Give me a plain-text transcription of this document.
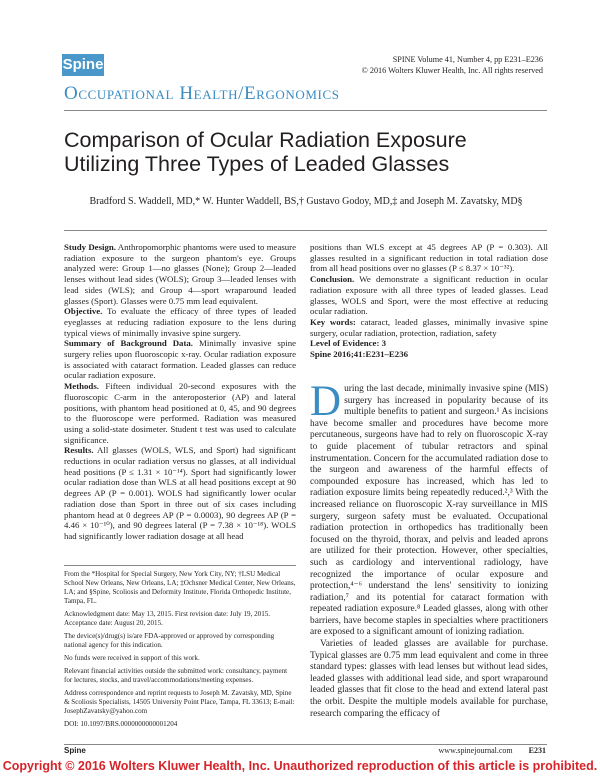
Spine	SPINE Volume 41, Number 4, pp E231–E236
© 2016 Wolters Kluwer Health, Inc. All rights reserved
Occupational Health/Ergonomics
Comparison of Ocular Radiation Exposure Utilizing Three Types of Leaded Glasses
Bradford S. Waddell, MD,* W. Hunter Waddell, BS,† Gustavo Godoy, MD,‡ and Joseph M. Zavatsky, MD§
Study Design. Anthropomorphic phantoms were used to measure radiation exposure to the surgeon phantom's eye. Groups analyzed were: Group 1—no glasses (None); Group 2—leaded lenses without lead sides (WOLS); Group 3—leaded lenses with lead sides (WLS); and Group 4—sport wraparound leaded glasses (Sport). Glasses were 0.75 mm lead equivalent.
Objective. To evaluate the efficacy of three types of leaded eyeglasses at reducing radiation exposure to the lens during typical views of minimally invasive spine surgery.
Summary of Background Data. Minimally invasive spine surgery relies upon fluoroscopic x-ray. Ocular radiation exposure is associated with cataract formation. Leaded glasses can reduce ocular radiation exposure.
Methods. Fifteen individual 20-second exposures with the fluoroscopic C-arm in the anteroposterior (AP) and lateral positions, with phantom head positioned at 0, 45, and 90 degrees to the fluoroscope were performed. Radiation was measured using a solid-state dosimeter. Student t test was used to calculate significance.
Results. All glasses (WOLS, WLS, and Sport) had significant reductions in ocular radiation versus no glasses, at all individual head positions (P ≤ 1.31 × 10⁻¹⁴). Sport had significantly lower ocular radiation dose than WLS at all head positions except at 90 degrees AP (P = 0.001). WOLS had significantly lower ocular radiation dose than Sport in three out of six cases including phantom head at 0 degrees AP (P = 0.0003), 90 degrees AP (P = 4.46 × 10⁻¹⁰), and 90 degrees lateral (P = 7.38 × 10⁻¹⁸). WOLS had significantly lower radiation dosage at all head
positions than WLS except at 45 degrees AP (P = 0.303). All glasses resulted in a significant reduction in total radiation dose from all head positions over no glasses (P ≤ 8.37 × 10⁻³²).
Conclusion. We demonstrate a significant reduction in ocular radiation exposure with all three types of leaded glasses. Lead glasses, WOLS and Sport, were the most effective at reducing ocular radiation.
Key words: cataract, leaded glasses, minimally invasive spine surgery, ocular radiation, protection, radiation, safety
Level of Evidence: 3
Spine 2016;41:E231–E236

From the *Hospital for Special Surgery, New York City, NY; †LSU Medical School New Orleans, New Orleans, LA; ‡Ochsner Medical Center, New Orleans, LA; and §Spine, Scoliosis and Deformity Institute, Florida Orthopedic Institute, Tampa, FL.

Acknowledgment date: May 13, 2015. First revision date: July 19, 2015. Acceptance date: August 20, 2015.

The device(s)/drug(s) is/are FDA-approved or approved by corresponding national agency for this indication.

No funds were received in support of this work.

Relevant financial activities outside the submitted work: consultancy, payment for lectures, stocks, and travel/accommodations/meeting expenses.

Address correspondence and reprint requests to Joseph M. Zavatsky, MD, Spine & Scoliosis Specialists, 14505 University Point Place, Tampa, FL 33613; E-mail: JosephZavatsky@yahoo.com

DOI: 10.1097/BRS.0000000000001204

During the last decade, minimally invasive spine (MIS) surgery has increased in popularity because of its multiple benefits to patient and surgeon.¹ As incisions have become smaller and procedures have become more percutaneous, surgeons have had to rely on fluoroscopic X-ray to guide placement of tubular retractors and spinal instrumentation. Concern for the accumulated radiation dose to the surgeon and awareness of the harmful effects of compounded exposure has increased, which has led to radiation exposure limits being repeatedly reduced.²,³ With the increased reliance on fluoroscopic X-ray surveillance in MIS surgery, surgeon safety must be evaluated. Occupational radiation protection in orthopedics has traditionally been focused on the thyroid, thorax, and pelvis and leaded aprons are utilized for their protection. However, other specialties, such as cardiology and interventional radiology, have recognized the importance of ocular exposure and protection,⁴⁻⁶ understand the lens' sensitivity to ionizing radiation,⁷ and its potential for cataract formation with repeated radiation exposure.⁸ Leaded glasses, along with other barriers, have become staples in specialties where practitioners are exposed to a significant amount of ionizing radiation.

Varieties of leaded glasses are available for purchase. Typical glasses are 0.75 mm lead equivalent and come in three standard types: glasses with lead lenses but without lead sides, leaded glasses with additional lead side, and sport wraparound leaded glasses that fit close to the head and extend lateral past the orbit. Despite the multiple models available for purchase, research comparing the efficacy of

Spine	www.spinejournal.com E231
Copyright © 2016 Wolters Kluwer Health, Inc. Unauthorized reproduction of this article is prohibited.
